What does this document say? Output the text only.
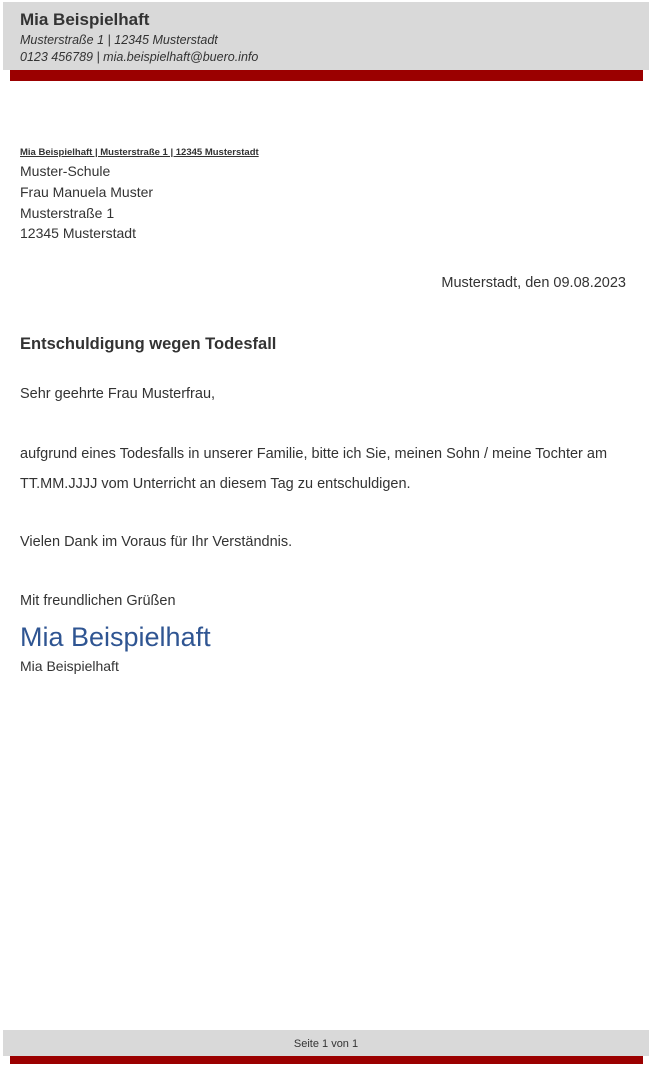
Mia Beispielhaft
Musterstraße 1 | 12345 Musterstadt
0123 456789 | mia.beispielhaft@buero.info
Mia Beispielhaft | Musterstraße 1 | 12345 Musterstadt
Muster-Schule
Frau Manuela Muster
Musterstraße 1
12345 Musterstadt
Musterstadt, den 09.08.2023
Entschuldigung wegen Todesfall
Sehr geehrte Frau Musterfrau,
aufgrund eines Todesfalls in unserer Familie, bitte ich Sie, meinen Sohn / meine Tochter am TT.MM.JJJJ vom Unterricht an diesem Tag zu entschuldigen.
Vielen Dank im Voraus für Ihr Verständnis.
Mit freundlichen Grüßen
Mia Beispielhaft
Mia Beispielhaft
Seite 1 von 1
